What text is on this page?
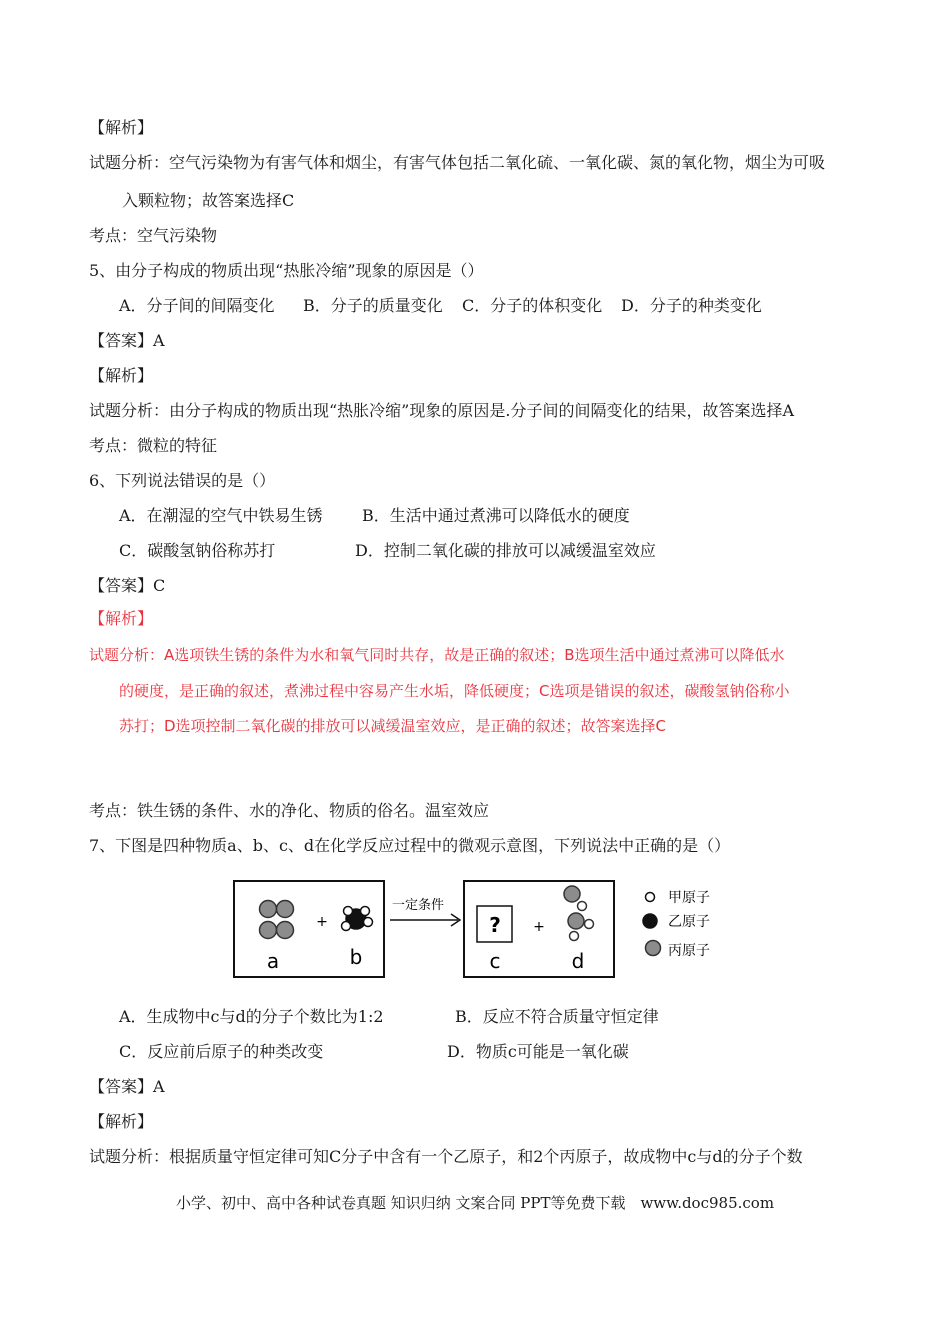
【解析】
试题分析：空气污染物为有害气体和烟尘，有害气体包括二氧化硫、一氧化碳、氮的氧化物，烟尘为可吸
入颗粒物；故答案选择C
考点：空气污染物
5、由分子构成的物质出现“热胀冷缩”现象的原因是（）
A．分子间的间隔变化 B．分子的质量变化 C．分子的体积变化 D．分子的种类变化
【答案】A
【解析】
试题分析：由分子构成的物质出现“热胀冷缩”现象的原因是.分子间的间隔变化的结果，故答案选择A
考点：微粒的特征
6、下列说法错误的是（）
A．在潮湿的空气中铁易生锈 B．生活中通过煮沸可以降低水的硬度
C．碳酸氢钠俗称苏打	D．控制二氧化碳的排放可以减缓温室效应
【答案】C
【解析】
试题分析：A选项铁生锈的条件为水和氧气同时共存，故是正确的叙述；B选项生活中通过煮沸可以降低水
的硬度，是正确的叙述，煮沸过程中容易产生水垢，降低硬度；C选项是错误的叙述，碳酸氢钠俗称小
苏打；D选项控制二氧化碳的排放可以减缓温室效应，是正确的叙述；故答案选择C
考点：铁生锈的条件、水的净化、物质的俗名。温室效应
7、下图是四种物质a、b、c、d在化学反应过程中的微观示意图，下列说法中正确的是（）
+
a	b
一定条件
? +
c	d
甲原子
乙原子
丙原子
A．生成物中c与d的分子个数比为1:2	B．反应不符合质量守恒定律
C．反应前后原子的种类改变	D．物质c可能是一氧化碳
【答案】A
【解析】
试题分析：根据质量守恒定律可知C分子中含有一个乙原子，和2个丙原子，故成物中c与d的分子个数
小学、初中、高中各种试卷真题 知识归纳 文案合同 PPT等免费下载　www.doc985.com
